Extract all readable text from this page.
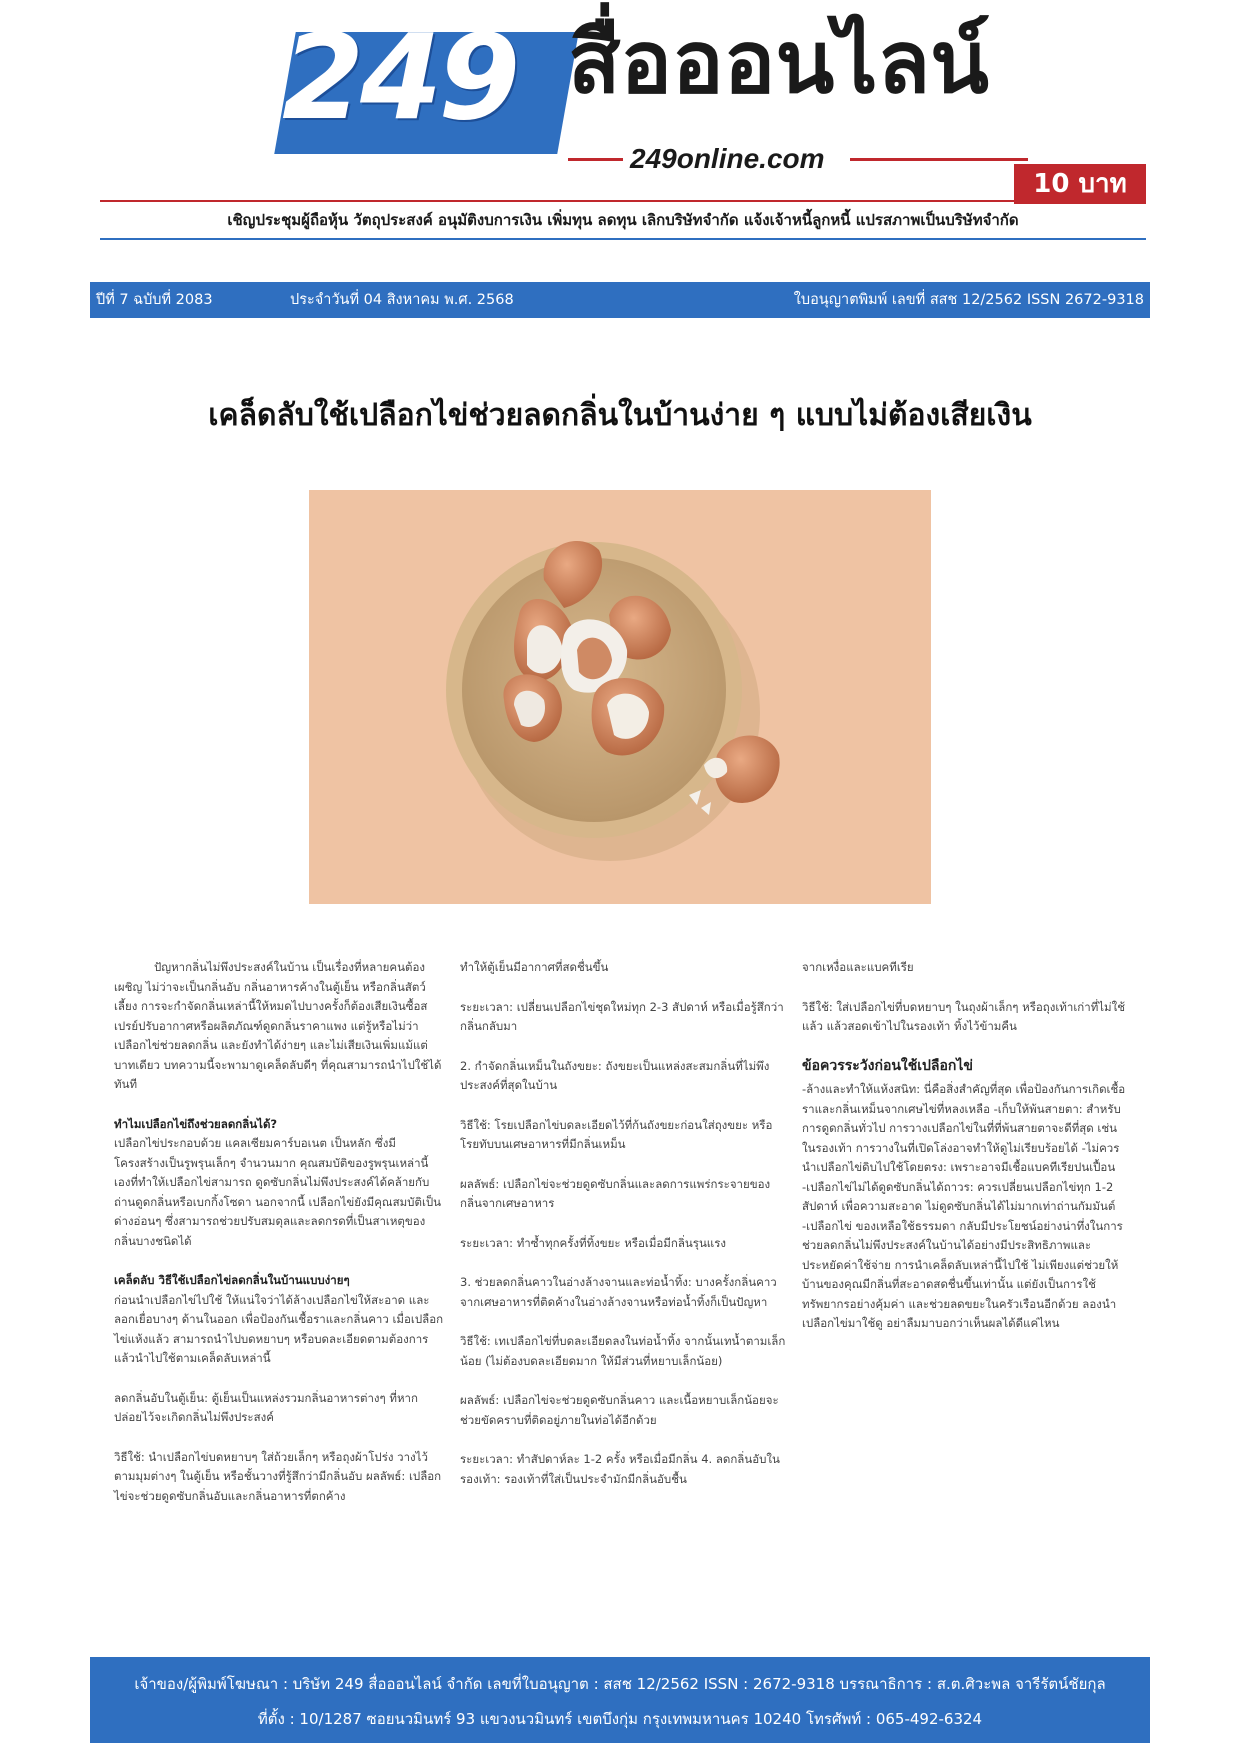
249 สื่อออนไลน์
249online.com
10 บาท
เชิญประชุมผู้ถือหุ้น วัตถุประสงค์ อนุมัติงบการเงิน เพิ่มทุน ลดทุน เลิกบริษัทจำกัด แจ้งเจ้าหนี้ลูกหนี้ แปรสภาพเป็นบริษัทจำกัด
ปีที่ 7 ฉบับที่ 2083	ประจำวันที่ 04 สิงหาคม พ.ศ. 2568	ใบอนุญาตพิมพ์ เลขที่ สสช 12/2562 ISSN 2672-9318
เคล็ดลับใช้เปลือกไข่ช่วยลดกลิ่นในบ้านง่าย ๆ แบบไม่ต้องเสียเงิน

ปัญหากลิ่นไม่พึงประสงค์ในบ้าน เป็นเรื่องที่หลายคนต้องเผชิญ ไม่ว่าจะเป็นกลิ่นอับ กลิ่นอาหารค้างในตู้เย็น หรือกลิ่นสัตว์เลี้ยง การจะกำจัดกลิ่นเหล่านี้ให้หมดไปบางครั้งก็ต้องเสียเงินซื้อสเปรย์ปรับอากาศหรือผลิตภัณฑ์ดูดกลิ่นราคาแพง แต่รู้หรือไม่ว่า เปลือกไข่ช่วยลดกลิ่น และยังทำได้ง่ายๆ และไม่เสียเงินเพิ่มแม้แต่บาทเดียว บทความนี้จะพามาดูเคล็ดลับดีๆ ที่คุณสามารถนำไปใช้ได้ทันที

ทำไมเปลือกไข่ถึงช่วยลดกลิ่นได้?
เปลือกไข่ประกอบด้วย แคลเซียมคาร์บอเนต เป็นหลัก ซึ่งมีโครงสร้างเป็นรูพรุนเล็กๆ จำนวนมาก คุณสมบัติของรูพรุนเหล่านี้เองที่ทำให้เปลือกไข่สามารถ ดูดซับกลิ่นไม่พึงประสงค์ได้คล้ายกับถ่านดูดกลิ่นหรือเบกกิ้งโซดา นอกจากนี้ เปลือกไข่ยังมีคุณสมบัติเป็นด่างอ่อนๆ ซึ่งสามารถช่วยปรับสมดุลและลดกรดที่เป็นสาเหตุของกลิ่นบางชนิดได้

เคล็ดลับ วิธีใช้เปลือกไข่ลดกลิ่นในบ้านแบบง่ายๆ
ก่อนนำเปลือกไข่ไปใช้ ให้แน่ใจว่าได้ล้างเปลือกไข่ให้สะอาด และลอกเยื่อบางๆ ด้านในออก เพื่อป้องกันเชื้อราและกลิ่นคาว เมื่อเปลือกไข่แห้งแล้ว สามารถนำไปบดหยาบๆ หรือบดละเอียดตามต้องการ แล้วนำไปใช้ตามเคล็ดลับเหล่านี้

ลดกลิ่นอับในตู้เย็น: ตู้เย็นเป็นแหล่งรวมกลิ่นอาหารต่างๆ ที่หากปล่อยไว้จะเกิดกลิ่นไม่พึงประสงค์

วิธีใช้: นำเปลือกไข่บดหยาบๆ ใส่ถ้วยเล็กๆ หรือถุงผ้าโปร่ง วางไว้ตามมุมต่างๆ ในตู้เย็น หรือชั้นวางที่รู้สึกว่ามีกลิ่นอับ ผลลัพธ์: เปลือกไข่จะช่วยดูดซับกลิ่นอับและกลิ่นอาหารที่ตกค้าง

ทำให้ตู้เย็นมีอากาศที่สดชื่นขึ้น

ระยะเวลา: เปลี่ยนเปลือกไข่ชุดใหม่ทุก 2-3 สัปดาห์ หรือเมื่อรู้สึกว่ากลิ่นกลับมา

2. กำจัดกลิ่นเหม็นในถังขยะ: ถังขยะเป็นแหล่งสะสมกลิ่นที่ไม่พึงประสงค์ที่สุดในบ้าน

วิธีใช้: โรยเปลือกไข่บดละเอียดไว้ที่ก้นถังขยะก่อนใส่ถุงขยะ หรือโรยทับบนเศษอาหารที่มีกลิ่นเหม็น

ผลลัพธ์: เปลือกไข่จะช่วยดูดซับกลิ่นและลดการแพร่กระจายของกลิ่นจากเศษอาหาร

ระยะเวลา: ทำซ้ำทุกครั้งที่ทิ้งขยะ หรือเมื่อมีกลิ่นรุนแรง

3. ช่วยลดกลิ่นคาวในอ่างล้างจานและท่อน้ำทิ้ง: บางครั้งกลิ่นคาวจากเศษอาหารที่ติดค้างในอ่างล้างจานหรือท่อน้ำทิ้งก็เป็นปัญหา

วิธีใช้: เทเปลือกไข่ที่บดละเอียดลงในท่อน้ำทิ้ง จากนั้นเทน้ำตามเล็กน้อย (ไม่ต้องบดละเอียดมาก ให้มีส่วนที่หยาบเล็กน้อย)

ผลลัพธ์: เปลือกไข่จะช่วยดูดซับกลิ่นคาว และเนื้อหยาบเล็กน้อยจะช่วยขัดคราบที่ติดอยู่ภายในท่อได้อีกด้วย

ระยะเวลา: ทำสัปดาห์ละ 1-2 ครั้ง หรือเมื่อมีกลิ่น 4. ลดกลิ่นอับในรองเท้า: รองเท้าที่ใส่เป็นประจำมักมีกลิ่นอับชื้น

จากเหงื่อและแบคทีเรีย

วิธีใช้: ใส่เปลือกไข่ที่บดหยาบๆ ในถุงผ้าเล็กๆ หรือถุงเท้าเก่าที่ไม่ใช้แล้ว แล้วสอดเข้าไปในรองเท้า ทิ้งไว้ข้ามคืน

ข้อควรระวังก่อนใช้เปลือกไข่

-ล้างและทำให้แห้งสนิท: นี่คือสิ่งสำคัญที่สุด เพื่อป้องกันการเกิดเชื้อราและกลิ่นเหม็นจากเศษไข่ที่หลงเหลือ -เก็บให้พ้นสายตา: สำหรับการดูดกลิ่นทั่วไป การวางเปลือกไข่ในที่ที่พ้นสายตาจะดีที่สุด เช่น ในรองเท้า การวางในที่เปิดโล่งอาจทำให้ดูไม่เรียบร้อยได้ -ไม่ควรนำเปลือกไข่ดิบไปใช้โดยตรง: เพราะอาจมีเชื้อแบคทีเรียปนเปื้อน -เปลือกไข่ไม่ได้ดูดซับกลิ่นได้ถาวร: ควรเปลี่ยนเปลือกไข่ทุก 1-2 สัปดาห์ เพื่อความสะอาด ไม่ดูดซับกลิ่นได้ไม่มากเท่าถ่านกัมมันต์ -เปลือกไข่ ของเหลือใช้ธรรมดา กลับมีประโยชน์อย่างน่าทึ่งในการช่วยลดกลิ่นไม่พึงประสงค์ในบ้านได้อย่างมีประสิทธิภาพและประหยัดค่าใช้จ่าย การนำเคล็ดลับเหล่านี้ไปใช้ ไม่เพียงแต่ช่วยให้บ้านของคุณมีกลิ่นที่สะอาดสดชื่นขึ้นเท่านั้น แต่ยังเป็นการใช้ทรัพยากรอย่างคุ้มค่า และช่วยลดขยะในครัวเรือนอีกด้วย ลองนำเปลือกไข่มาใช้ดู อย่าลืมมาบอกว่าเห็นผลได้ดีแค่ไหน

เจ้าของ/ผู้พิมพ์โฆษณา : บริษัท 249 สื่อออนไลน์ จำกัด เลขที่ใบอนุญาต : สสช 12/2562 ISSN : 2672-9318 บรรณาธิการ : ส.ต.ศิวะพล จารีรัตน์ชัยกุล
ที่ตั้ง : 10/1287 ซอยนวมินทร์ 93 แขวงนวมินทร์ เขตบึงกุ่ม กรุงเทพมหานคร 10240 โทรศัพท์ : 065-492-6324
